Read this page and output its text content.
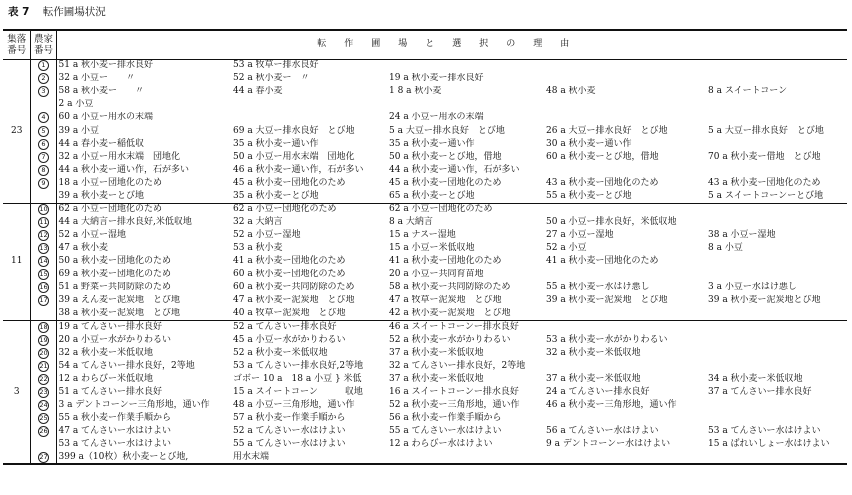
表 7 転作圃場状況
集落
番号	農家
番号	転作圃場と選択の理由				
23	1	51 a 秋小麦ー排水良好	53 a 牧草ー排水良好			
	2	32 a 小豆ー　　〃	52 a 秋小麦ー　〃	19 a 秋小麦ー排水良好		
	3	58 a 秋小麦ー　　〃	44 a 春小麦	1 8 a 秋小麦	48 a 秋小麦	8 a スイートコーン
		2 a 小豆				
	4	60 a 小豆ー用水の末端		24 a 小豆ー用水の末端		
	5	39 a 小豆	69 a 大豆ー排水良好　とび地	5 a 大豆ー排水良好　とび地	26 a 大豆ー排水良好　とび地	5 a 大豆ー排水良好　とび地
	6	44 a 春小麦ー稲低収	35 a 秋小麦ー通い作	35 a 秋小麦ー通い作	30 a 秋小麦ー通い作	
	7	32 a 小豆ー用水末端　団地化	50 a 小豆ー用水末端　団地化	50 a 秋小麦ーとび地，借地	60 a 秋小麦ーとび地，借地	70 a 秋小麦ー借地　とび地
	8	44 a 秋小麦ー通い作，石が多い	46 a 秋小麦ー通い作，石が多い	44 a 秋小麦ー通い作，石が多い		
	9	18 a 小豆ー団地化のため	45 a 秋小麦ー団地化のため	45 a 秋小麦ー団地化のため	43 a 秋小麦ー団地化のため	43 a 秋小麦ー団地化のため
		39 a 秋小麦ーとび地	35 a 秋小麦ーとび地	65 a 秋小麦ーとび地	55 a 秋小麦ーとび地	5 a スイートコーンーとび地
11	10	62 a 小豆ー団地化のため	62 a 小豆ー団地化のため	62 a 小豆ー団地化のため		
	11	44 a 大納言ー排水良好,米低収地	32 a 大納言	8 a 大納言	50 a 小豆ー排水良好，米低収地	
	12	52 a 小豆ー湿地	52 a 小豆ー湿地	15 a ナスー湿地	27 a 小豆ー湿地	38 a 小豆ー湿地
	13	47 a 秋小麦	53 a 秋小麦	15 a 小豆ー米低収地	52 a 小豆	8 a 小豆
	14	50 a 秋小麦ー団地化のため	41 a 秋小麦ー団地化のため	41 a 秋小麦ー団地化のため	41 a 秋小麦ー団地化のため	
	15	69 a 秋小麦ー団地化のため	60 a 秋小麦ー団地化のため	20 a 小豆ー共同育苗地		
	16	51 a 野菜ー共同防除のため	60 a 秋小麦ー共同防除のため	58 a 秋小麦ー共同防除のため	55 a 秋小麦ー水はけ悪し	3 a 小豆ー水はけ悪し
	17	39 a えん麦ー泥炭地　とび地	47 a 秋小麦ー泥炭地　とび地	47 a 牧草ー泥炭地　とび地	39 a 秋小麦ー泥炭地　とび地	39 a 秋小麦ー泥炭地とび地
		38 a 秋小麦ー泥炭地　とび地	40 a 牧草ー泥炭地　とび地	42 a 秋小麦ー泥炭地　とび地		
3	18	19 a てんさいー排水良好	52 a てんさいー排水良好	46 a スイートコーンー排水良好		
	19	20 a 小豆ー水がかりわるい	45 a 小豆ー水がかりわるい	52 a 秋小麦ー水がかりわるい	53 a 秋小麦ー水がかりわるい	
	20	32 a 秋小麦ー米低収地	52 a 秋小麦ー米低収地	37 a 秋小麦ー米低収地	32 a 秋小麦ー米低収地	
	21	54 a てんさいー排水良好，2等地	53 a てんさいー排水良好,2等地	32 a てんさいー排水良好，2等地		
	22	12 a わらびー米低収地	ゴボー 10 a　18 a 小豆 } 米低	37 a 秋小麦ー米低収地	37 a 秋小麦ー米低収地	34 a 秋小麦ー米低収地
	23	51 a てんさいー排水良好	15 a スイートコーン　　　収地	16 a スイートコーンー排水良好	24 a てんさいー排水良好	37 a てんさいー排水良好
	24	3 a デントコーンー三角形地，通い作	48 a 小豆ー三角形地，通い作	52 a 秋小麦ー三角形地，通い作	46 a 秋小麦ー三角形地，通い作	
	25	55 a 秋小麦ー作業手順から	57 a 秋小麦ー作業手順から	56 a 秋小麦ー作業手順から		
	26	47 a てんさいー水はけよい	52 a てんさいー水はけよい	55 a てんさいー水はけよい	56 a てんさいー水はけよい	53 a てんさいー水はけよい
		53 a てんさいー水はけよい	55 a てんさいー水はけよい	12 a わらびー水はけよい	9 a デントコーンー水はけよい	15 a ばれいしょー水はけよい
	27	399 a（10枚）秋小麦ーとび地,	用水末端			
